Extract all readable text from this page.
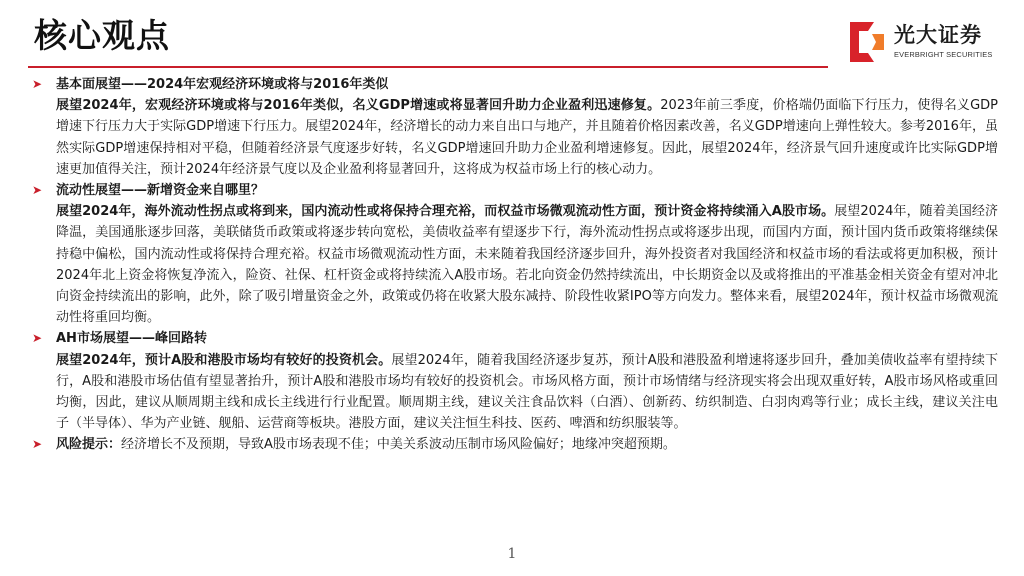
核心观点	光大证券
EVERBRIGHT SECURITIES
➤ 基本面展望——2024年宏观经济环境或将与2016年类似
展望2024年，宏观经济环境或将与2016年类似，名义GDP增速或将显著回升助力企业盈利迅速修复。2023年前三季度，价格端仍面临下行压力，使得名义GDP增速下行压力大于实际GDP增速下行压力。展望2024年，经济增长的动力来自出口与地产，并且随着价格因素改善，名义GDP增速向上弹性较大。参考2016年，虽然实际GDP增速保持相对平稳，但随着经济景气度逐步好转，名义GDP增速回升助力企业盈利增速修复。因此，展望2024年，经济景气回升速度或许比实际GDP增速更加值得关注，预计2024年经济景气度以及企业盈利将显著回升，这将成为权益市场上行的核心动力。
➤ 流动性展望——新增资金来自哪里？
展望2024年，海外流动性拐点或将到来，国内流动性或将保持合理充裕，而权益市场微观流动性方面，预计资金将持续涌入A股市场。展望2024年，随着美国经济降温，美国通胀逐步回落，美联储货币政策或将逐步转向宽松，美债收益率有望逐步下行，海外流动性拐点或将逐步出现，而国内方面，预计国内货币政策将继续保持稳中偏松，国内流动性或将保持合理充裕。权益市场微观流动性方面，未来随着我国经济逐步回升，海外投资者对我国经济和权益市场的看法或将更加积极，预计2024年北上资金将恢复净流入，险资、社保、杠杆资金或将持续流入A股市场。若北向资金仍然持续流出，中长期资金以及或将推出的平准基金相关资金有望对冲北向资金持续流出的影响，此外，除了吸引增量资金之外，政策或仍将在收紧大股东减持、阶段性收紧IPO等方向发力。整体来看，展望2024年，预计权益市场微观流动性将重回均衡。
➤ AH市场展望——峰回路转
展望2024年，预计A股和港股市场均有较好的投资机会。展望2024年，随着我国经济逐步复苏，预计A股和港股盈利增速将逐步回升，叠加美债收益率有望持续下行，A股和港股市场估值有望显著抬升，预计A股和港股市场均有较好的投资机会。市场风格方面，预计市场情绪与经济现实将会出现双重好转，A股市场风格或重回均衡，因此，建议从顺周期主线和成长主线进行行业配置。顺周期主线，建议关注食品饮料（白酒）、创新药、纺织制造、白羽肉鸡等行业；成长主线，建议关注电子（半导体）、华为产业链、舰船、运营商等板块。港股方面，建议关注恒生科技、医药、啤酒和纺织服装等。
➤ 风险提示：经济增长不及预期，导致A股市场表现不佳；中美关系波动压制市场风险偏好；地缘冲突超预期。
1
